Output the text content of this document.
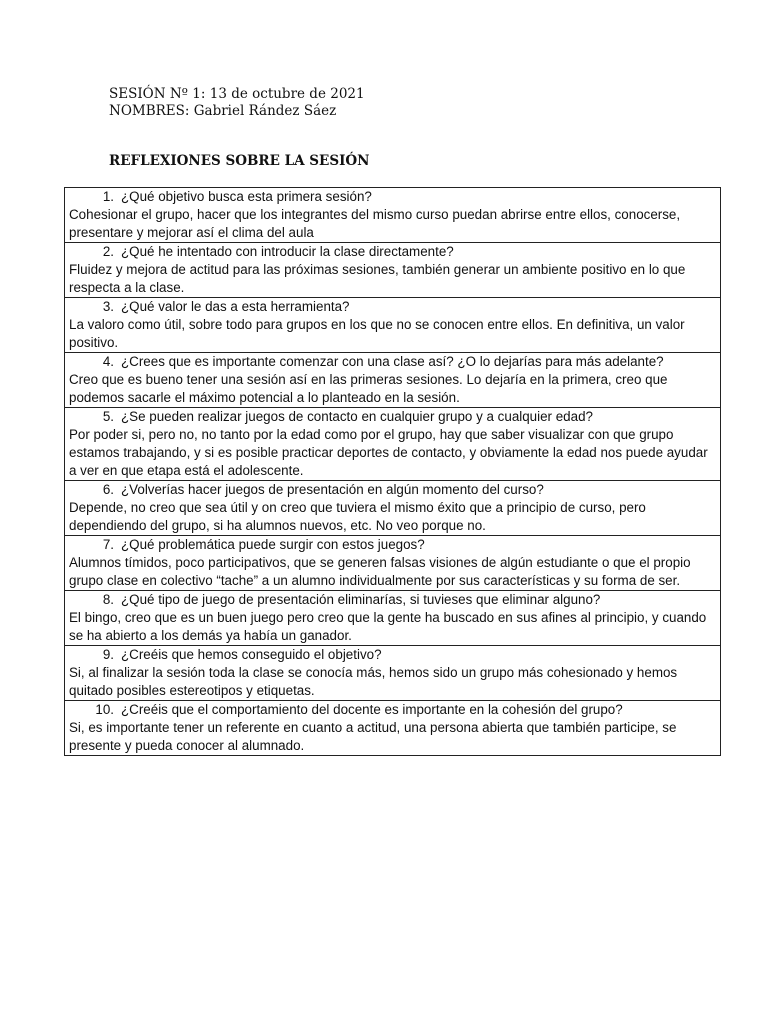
SESIÓN Nº 1: 13 de octubre de 2021
NOMBRES: Gabriel Rández Sáez
REFLEXIONES SOBRE LA SESIÓN
1. ¿Qué objetivo busca esta primera sesión?
Cohesionar el grupo, hacer que los integrantes del mismo curso puedan abrirse entre ellos, conocerse, presentare y mejorar así el clima del aula
2. ¿Qué he intentado con introducir la clase directamente?
Fluidez y mejora de actitud para las próximas sesiones, también generar un ambiente positivo en lo que respecta a la clase.
3. ¿Qué valor le das a esta herramienta?
La valoro como útil, sobre todo para grupos en los que no se conocen entre ellos. En definitiva, un valor positivo.
4. ¿Crees que es importante comenzar con una clase así? ¿O lo dejarías para más adelante?
Creo que es bueno tener una sesión así en las primeras sesiones. Lo dejaría en la primera, creo que podemos sacarle el máximo potencial a lo planteado en la sesión.
5. ¿Se pueden realizar juegos de contacto en cualquier grupo y a cualquier edad?
Por poder si, pero no, no tanto por la edad como por el grupo, hay que saber visualizar con que grupo estamos trabajando, y si es posible practicar deportes de contacto, y obviamente la edad nos puede ayudar a ver en que etapa está el adolescente.
6. ¿Volverías hacer juegos de presentación en algún momento del curso?
Depende, no creo que sea útil y on creo que tuviera el mismo éxito que a principio de curso, pero dependiendo del grupo, si ha alumnos nuevos, etc. No veo porque no.
7. ¿Qué problemática puede surgir con estos juegos?
Alumnos tímidos, poco participativos, que se generen falsas visiones de algún estudiante o que el propio grupo clase en colectivo “tache” a un alumno individualmente por sus características y su forma de ser.
8. ¿Qué tipo de juego de presentación eliminarías, si tuvieses que eliminar alguno?
El bingo, creo que es un buen juego pero creo que la gente ha buscado en sus afines al principio, y cuando se ha abierto a los demás ya había un ganador.
9. ¿Creéis que hemos conseguido el objetivo?
Si, al finalizar la sesión toda la clase se conocía más, hemos sido un grupo más cohesionado y hemos quitado posibles estereotipos y etiquetas.
10. ¿Creéis que el comportamiento del docente es importante en la cohesión del grupo?
Si, es importante tener un referente en cuanto a actitud, una persona abierta que también participe, se presente y pueda conocer al alumnado.
